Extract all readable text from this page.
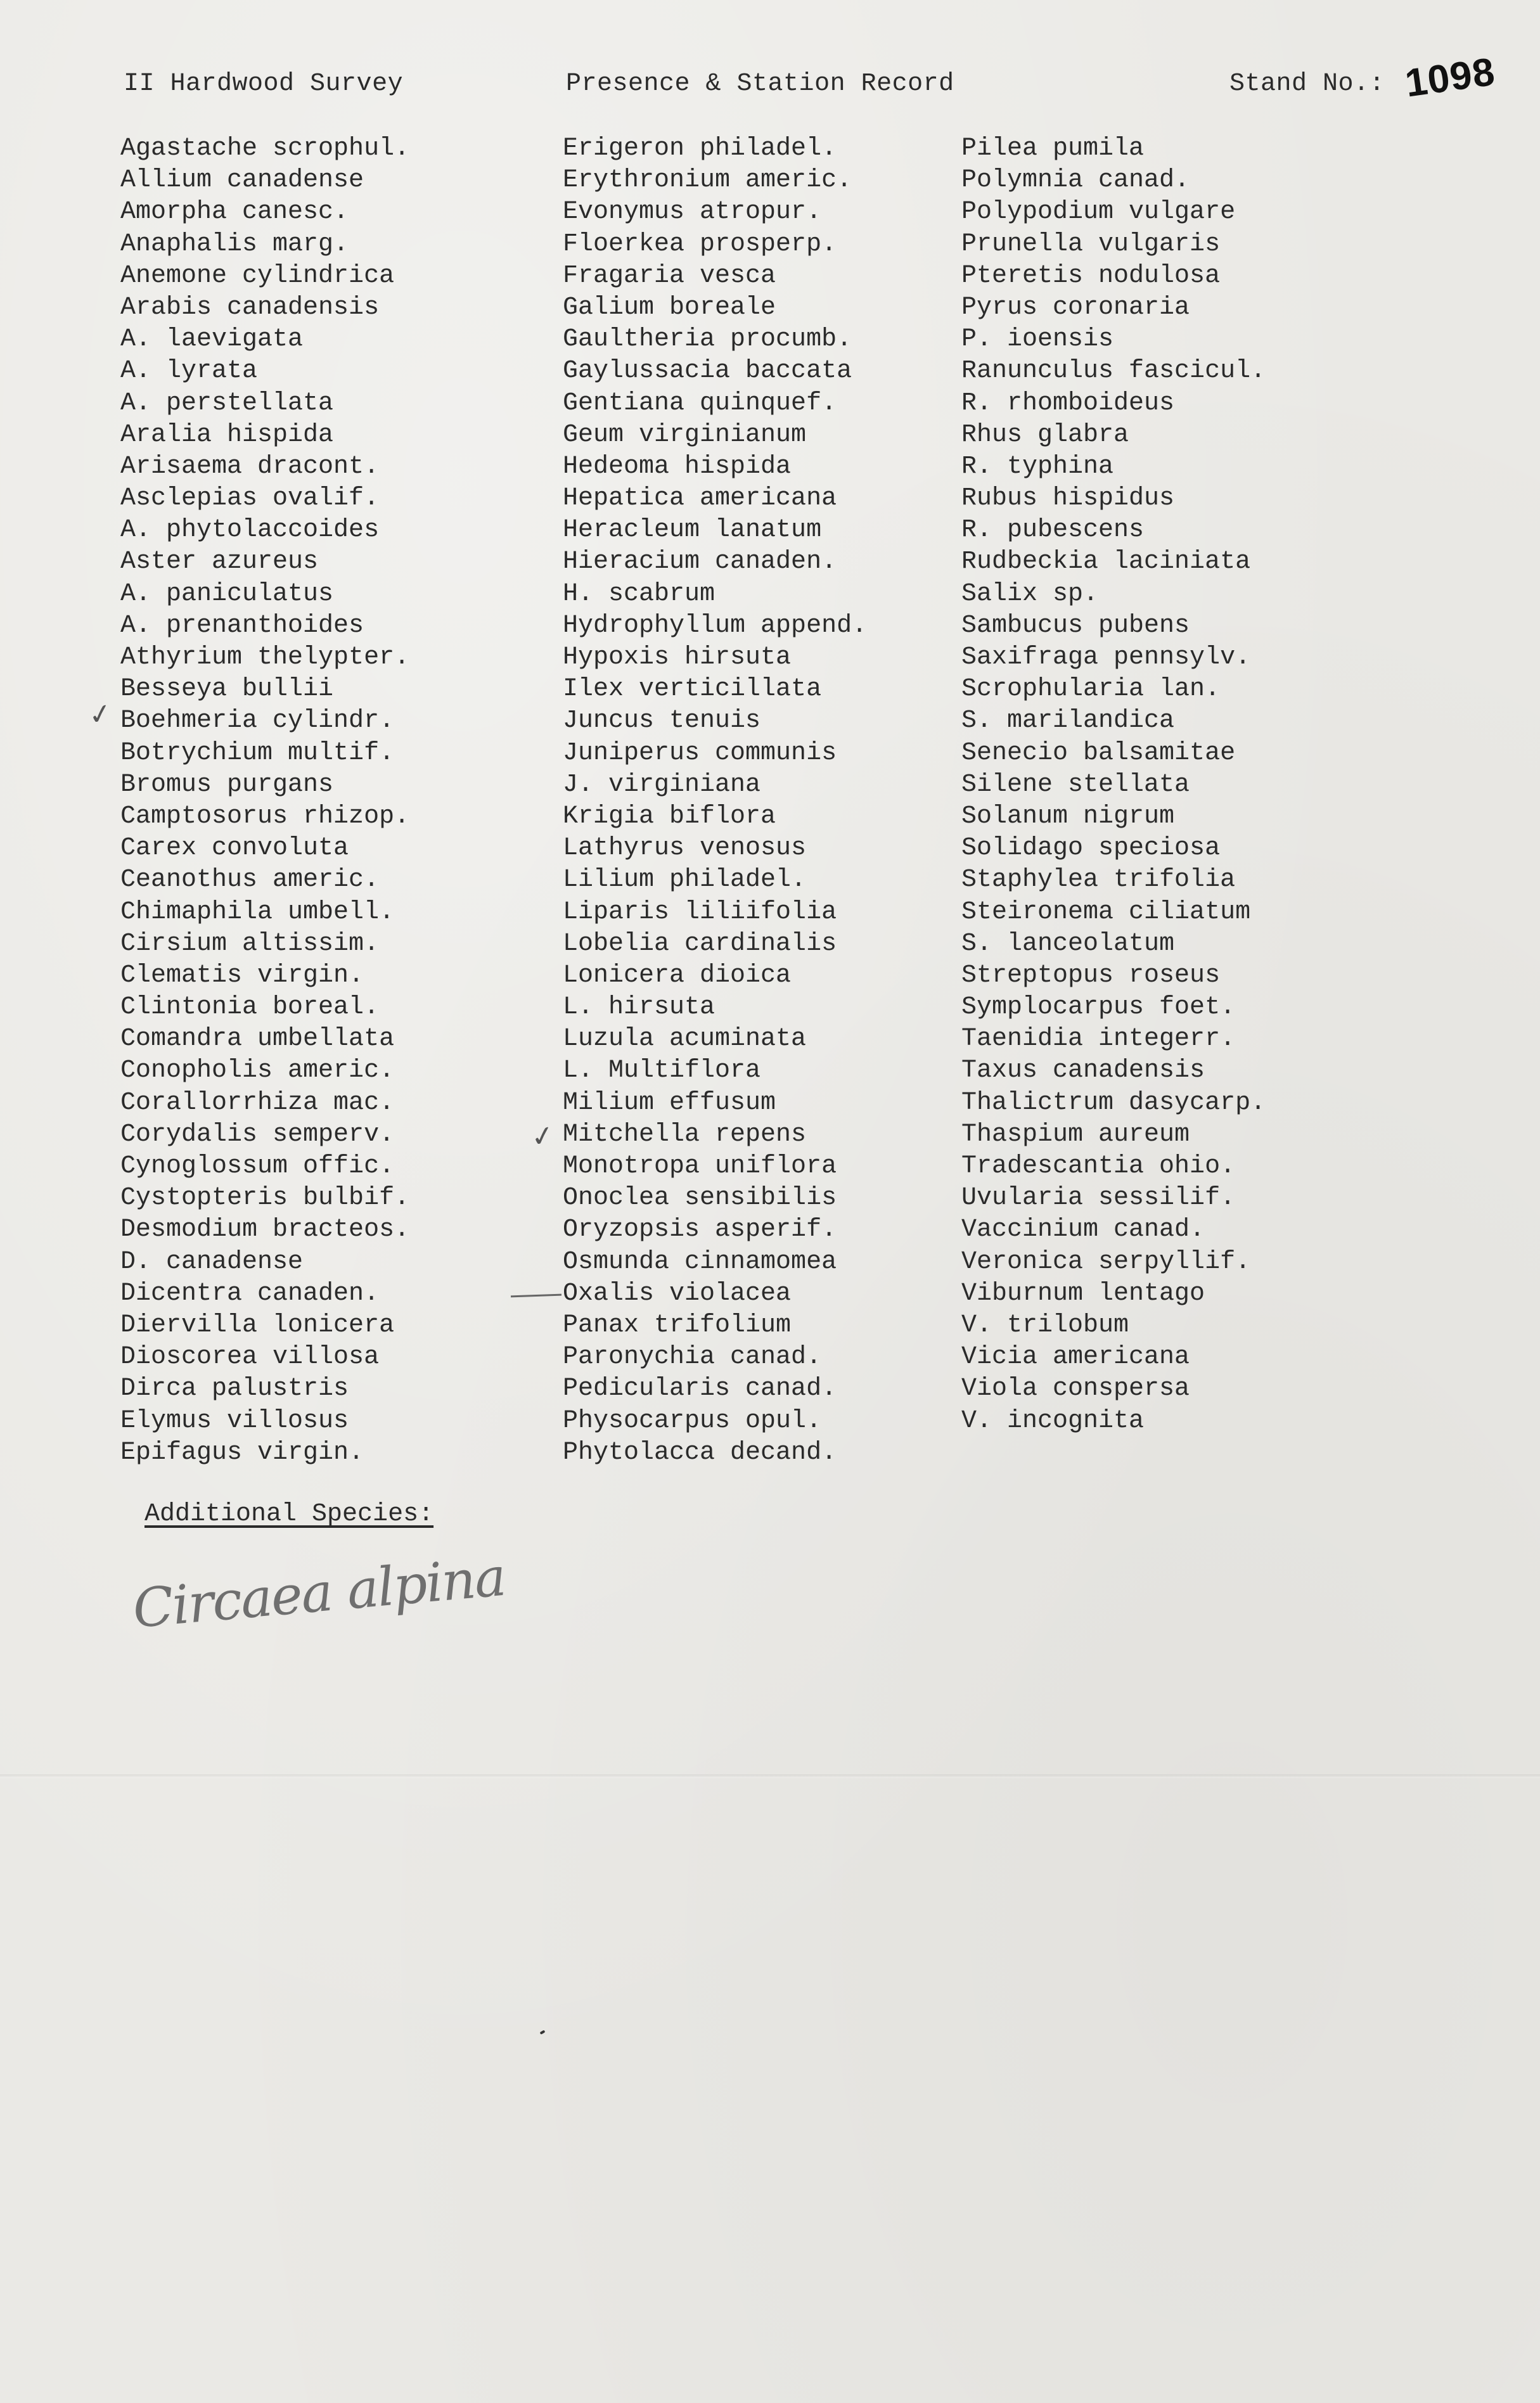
II Hardwood Survey	Presence & Station Record	Stand No.: 1098
Agastache scrophul.
Allium canadense
Amorpha canesc.
Anaphalis marg.
Anemone cylindrica
Arabis canadensis
A. laevigata
A. lyrata
A. perstellata
Aralia hispida
Arisaema dracont.
Asclepias ovalif.
A. phytolaccoides
Aster azureus
A. paniculatus
A. prenanthoides
Athyrium thelypter.
Besseya bullii
Boehmeria cylindr.
Botrychium multif.
Bromus purgans
Camptosorus rhizop.
Carex convoluta
Ceanothus americ.
Chimaphila umbell.
Cirsium altissim.
Clematis virgin.
Clintonia boreal.
Comandra umbellata
Conopholis americ.
Corallorrhiza mac.
Corydalis semperv.
Cynoglossum offic.
Cystopteris bulbif.
Desmodium bracteos.
D. canadense
Dicentra canaden.
Diervilla lonicera
Dioscorea villosa
Dirca palustris
Elymus villosus
Epifagus virgin.
Erigeron philadel.
Erythronium americ.
Evonymus atropur.
Floerkea prosperp.
Fragaria vesca
Galium boreale
Gaultheria procumb.
Gaylussacia baccata
Gentiana quinquef.
Geum virginianum
Hedeoma hispida
Hepatica americana
Heracleum lanatum
Hieracium canaden.
H. scabrum
Hydrophyllum append.
Hypoxis hirsuta
Ilex verticillata
Juncus tenuis
Juniperus communis
J. virginiana
Krigia biflora
Lathyrus venosus
Lilium philadel.
Liparis liliifolia
Lobelia cardinalis
Lonicera dioica
L. hirsuta
Luzula acuminata
L. Multiflora
Milium effusum
Mitchella repens
Monotropa uniflora
Onoclea sensibilis
Oryzopsis asperif.
Osmunda cinnamomea
Oxalis violacea
Panax trifolium
Paronychia canad.
Pedicularis canad.
Physocarpus opul.
Phytolacca decand.
Pilea pumila
Polymnia canad.
Polypodium vulgare
Prunella vulgaris
Pteretis nodulosa
Pyrus coronaria
P. ioensis
Ranunculus fascicul.
R. rhomboideus
Rhus glabra
R. typhina
Rubus hispidus
R. pubescens
Rudbeckia laciniata
Salix sp.
Sambucus pubens
Saxifraga pennsylv.
Scrophularia lan.
S. marilandica
Senecio balsamitae
Silene stellata
Solanum nigrum
Solidago speciosa
Staphylea trifolia
Steironema ciliatum
S. lanceolatum
Streptopus roseus
Symplocarpus foet.
Taenidia integerr.
Taxus canadensis
Thalictrum dasycarp.
Thaspium aureum
Tradescantia ohio.
Uvularia sessilif.
Vaccinium canad.
Veronica serpyllif.
Viburnum lentago
V. trilobum
Vicia americana
Viola conspersa
V. incognita
✓
✓
Additional Species:
Circaea alpina
